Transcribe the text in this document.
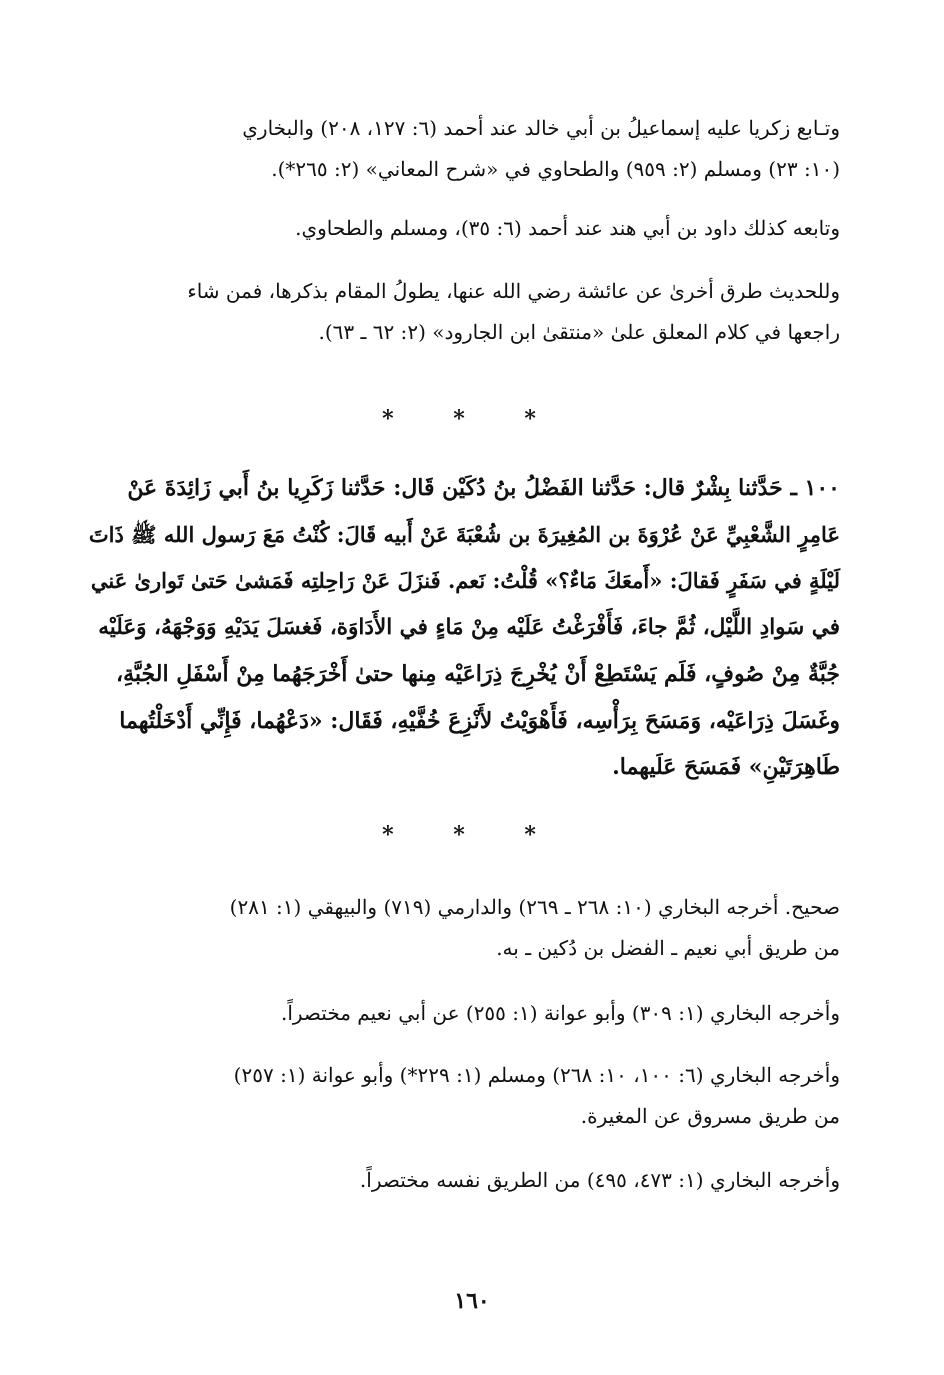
وتـابع زكريا عليه إسماعيلُ بن أبي خالد عند أحمد (٦: ١٢٧، ٢٠٨) والبخاري
(١٠: ٢٣) ومسلم (٢: ٩٥٩) والطحاوي في «شرح المعاني» (٢: ٢٦٥*).

وتابعه كذلك داود بن أبي هند عند أحمد (٦: ٣٥)، ومسلم والطحاوي.

وللحديث طرق أخرىٰ عن عائشة رضي الله عنها، يطولُ المقام بذكرها، فمن شاء
راجعها في كلام المعلق علىٰ «منتقىٰ ابن الجارود» (٢: ٦٢ ـ ٦٣).

* * *

١٠٠ ـ حَدَّثنا بِشْرٌ قال: حَدَّثنا الفَضْلُ بنُ دُكَيْن قَال: حَدَّثنا زَكَرِيا بنُ أَبي زَائِدَةَ عَنْ
عَامِرٍ الشَّعْبِيِّ عَنْ عُرْوَةَ بن المُغِيرَةَ بن شُعْبَةَ عَنْ أَبيه قَالَ: كُنْتُ مَعَ رَسول الله ﷺ ذَاتَ
لَيْلَةٍ في سَفَرٍ فَقالَ: «أَمعَكَ مَاءٌ؟» قُلْتُ: نَعم. فَنزَلَ عَنْ رَاحِلتِه فَمَشىٰ حَتىٰ تَوارىٰ عَني
في سَوادِ اللَّيْل، ثُمَّ جاءَ، فَأَفْرَغْتُ عَلَيْه مِنْ مَاءٍ في الأَدَاوَة، فَغسَلَ يَدَيْهِ وَوَجْهَهُ، وَعَلَيْه
جُبَّةٌ مِنْ صُوفٍ، فَلَم يَسْتَطِعْ أَنْ يُخْرِجَ ذِرَاعَيْه مِنها حتىٰ أَخْرَجَهُما مِنْ أَسْفَلِ الجُبَّةِ،
وغَسَلَ ذِرَاعَيْه، وَمَسَحَ بِرَأْسِه، فَأَهْوَيْتُ لأَنْزِعَ خُفَّيْهِ، فَقَال: «دَعْهُما، فَإِنِّي أَدْخَلْتُهما
طَاهِرَتَيْنِ» فَمَسَحَ عَلَيهما.

* * *

صحيح. أخرجه البخاري (١٠: ٢٦٨ ـ ٢٦٩) والدارمي (٧١٩) والبيهقي (١: ٢٨١)
من طريق أبي نعيم ـ الفضل بن دُكين ـ به.

وأخرجه البخاري (١: ٣٠٩) وأبو عوانة (١: ٢٥٥) عن أبي نعيم مختصراً.

وأخرجه البخاري (٦: ١٠٠، ١٠: ٢٦٨) ومسلم (١: ٢٢٩*) وأبو عوانة (١: ٢٥٧)
من طريق مسروق عن المغيرة.

وأخرجه البخاري (١: ٤٧٣، ٤٩٥) من الطريق نفسه مختصراً.

١٦٠
